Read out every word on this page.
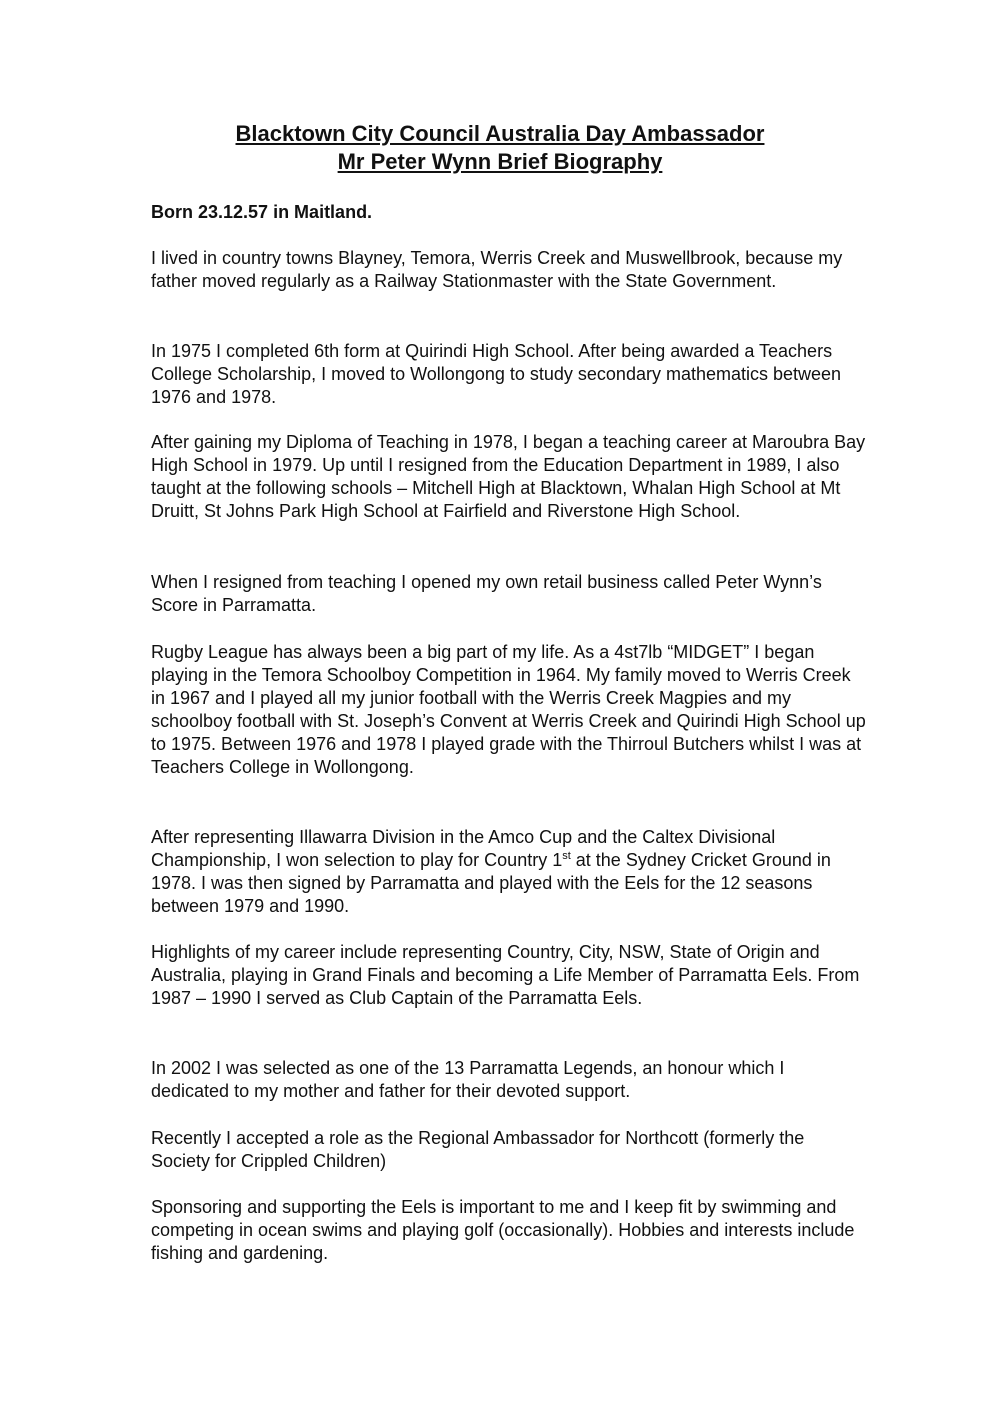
Blacktown City Council Australia Day Ambassador
Mr Peter Wynn Brief Biography
Born 23.12.57 in Maitland.

I lived in country towns Blayney, Temora, Werris Creek and Muswellbrook, because my father moved regularly as a Railway Stationmaster with the State Government.

In 1975 I completed 6th form at Quirindi High School. After being awarded a Teachers College Scholarship, I moved to Wollongong to study secondary mathematics between 1976 and 1978.

After gaining my Diploma of Teaching in 1978, I began a teaching career at Maroubra Bay High School in 1979. Up until I resigned from the Education Department in 1989, I also taught at the following schools – Mitchell High at Blacktown, Whalan High School at Mt Druitt, St Johns Park High School at Fairfield and Riverstone High School.

When I resigned from teaching I opened my own retail business called Peter Wynn’s Score in Parramatta.

Rugby League has always been a big part of my life. As a 4st7lb “MIDGET” I began playing in the Temora Schoolboy Competition in 1964. My family moved to Werris Creek in 1967 and I played all my junior football with the Werris Creek Magpies and my schoolboy football with St. Joseph’s Convent at Werris Creek and Quirindi High School up to 1975. Between 1976 and 1978 I played grade with the Thirroul Butchers whilst I was at Teachers College in Wollongong.

After representing Illawarra Division in the Amco Cup and the Caltex Divisional Championship, I won selection to play for Country 1st at the Sydney Cricket Ground in 1978. I was then signed by Parramatta and played with the Eels for the 12 seasons between 1979 and 1990.

Highlights of my career include representing Country, City, NSW, State of Origin and Australia, playing in Grand Finals and becoming a Life Member of Parramatta Eels. From 1987 – 1990 I served as Club Captain of the Parramatta Eels.

In 2002 I was selected as one of the 13 Parramatta Legends, an honour which I dedicated to my mother and father for their devoted support.

Recently I accepted a role as the Regional Ambassador for Northcott (formerly the Society for Crippled Children)

Sponsoring and supporting the Eels is important to me and I keep fit by swimming and competing in ocean swims and playing golf (occasionally). Hobbies and interests include fishing and gardening.
